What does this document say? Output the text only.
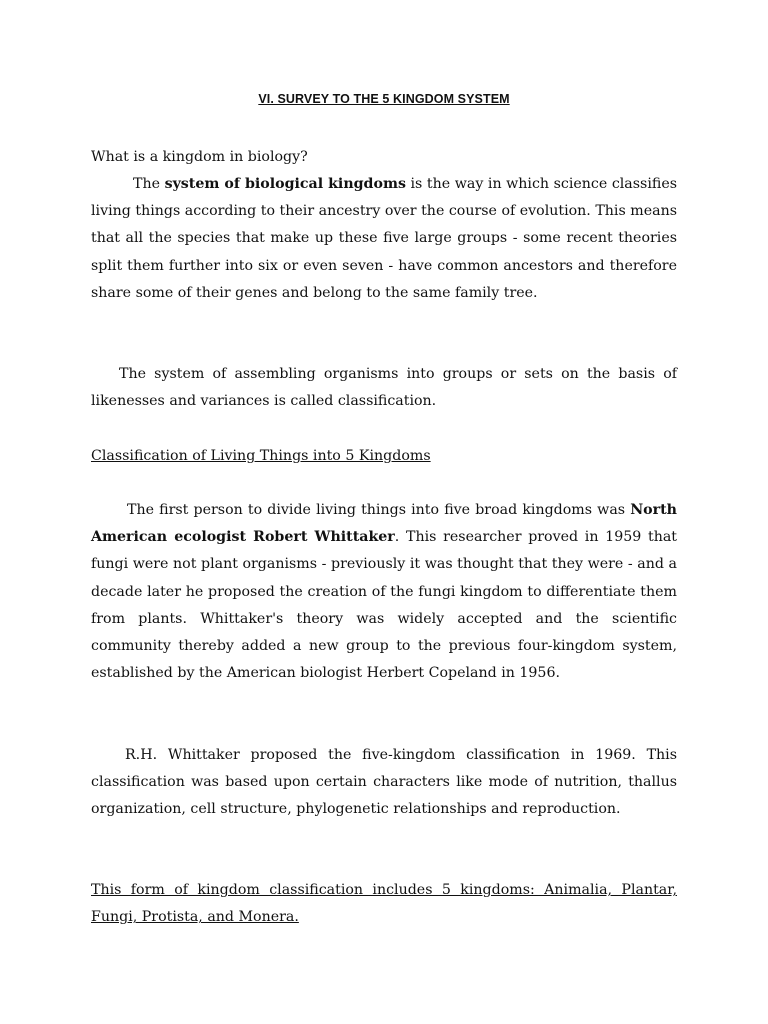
VI. SURVEY TO THE 5 KINGDOM SYSTEM

What is a kingdom in biology?

The system of biological kingdoms is the way in which science classifies living things according to their ancestry over the course of evolution. This means that all the species that make up these five large groups - some recent theories split them further into six or even seven - have common ancestors and therefore share some of their genes and belong to the same family tree.

The system of assembling organisms into groups or sets on the basis of likenesses and variances is called classification.

Classification of Living Things into 5 Kingdoms

The first person to divide living things into five broad kingdoms was North American ecologist Robert Whittaker. This researcher proved in 1959 that fungi were not plant organisms - previously it was thought that they were - and a decade later he proposed the creation of the fungi kingdom to differentiate them from plants. Whittaker's theory was widely accepted and the scientific community thereby added a new group to the previous four-kingdom system, established by the American biologist Herbert Copeland in 1956.

R.H. Whittaker proposed the five-kingdom classification in 1969. This classification was based upon certain characters like mode of nutrition, thallus organization, cell structure, phylogenetic relationships and reproduction.

This form of kingdom classification includes 5 kingdoms: Animalia, Plantar, Fungi, Protista, and Monera.
